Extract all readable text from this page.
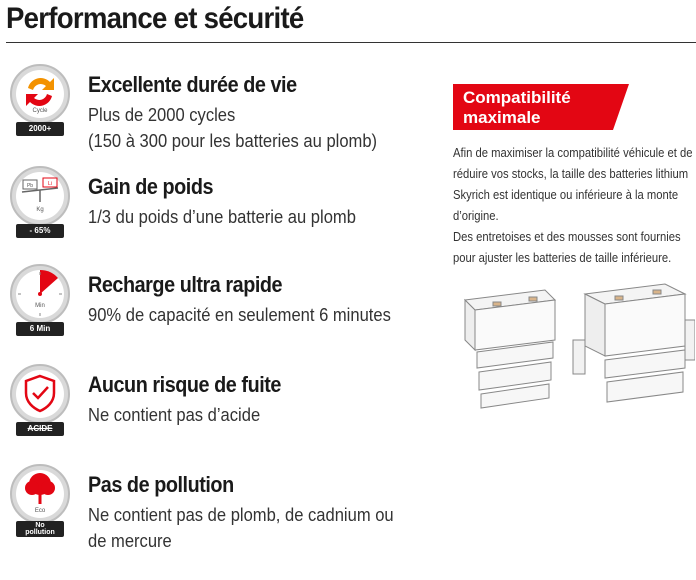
Performance et sécurité
Cycle
2000+
Excellente durée de vie
Plus de 2000 cycles
(150 à 300 pour les batteries au plomb)
Pb	Li
Kg
- 65%
Gain de poids
1/3 du poids d’une batterie au plomb
Min
6 Min
Recharge ultra rapide
90% de capacité en seulement 6 minutes
ACIDE
Aucun risque de fuite
Ne contient pas d’acide
Eco
No
pollution
Pas de pollution
Ne contient pas de plomb, de cadnium ou
de mercure
Compatibilité
maximale

Afin de maximiser la compatibilité véhicule et de réduire vos stocks, la taille des batteries lithium Skyrich est identique ou inférieure à la monte d’origine.

Des entretoises et des mousses sont fournies pour ajuster les batteries de taille inférieure.
